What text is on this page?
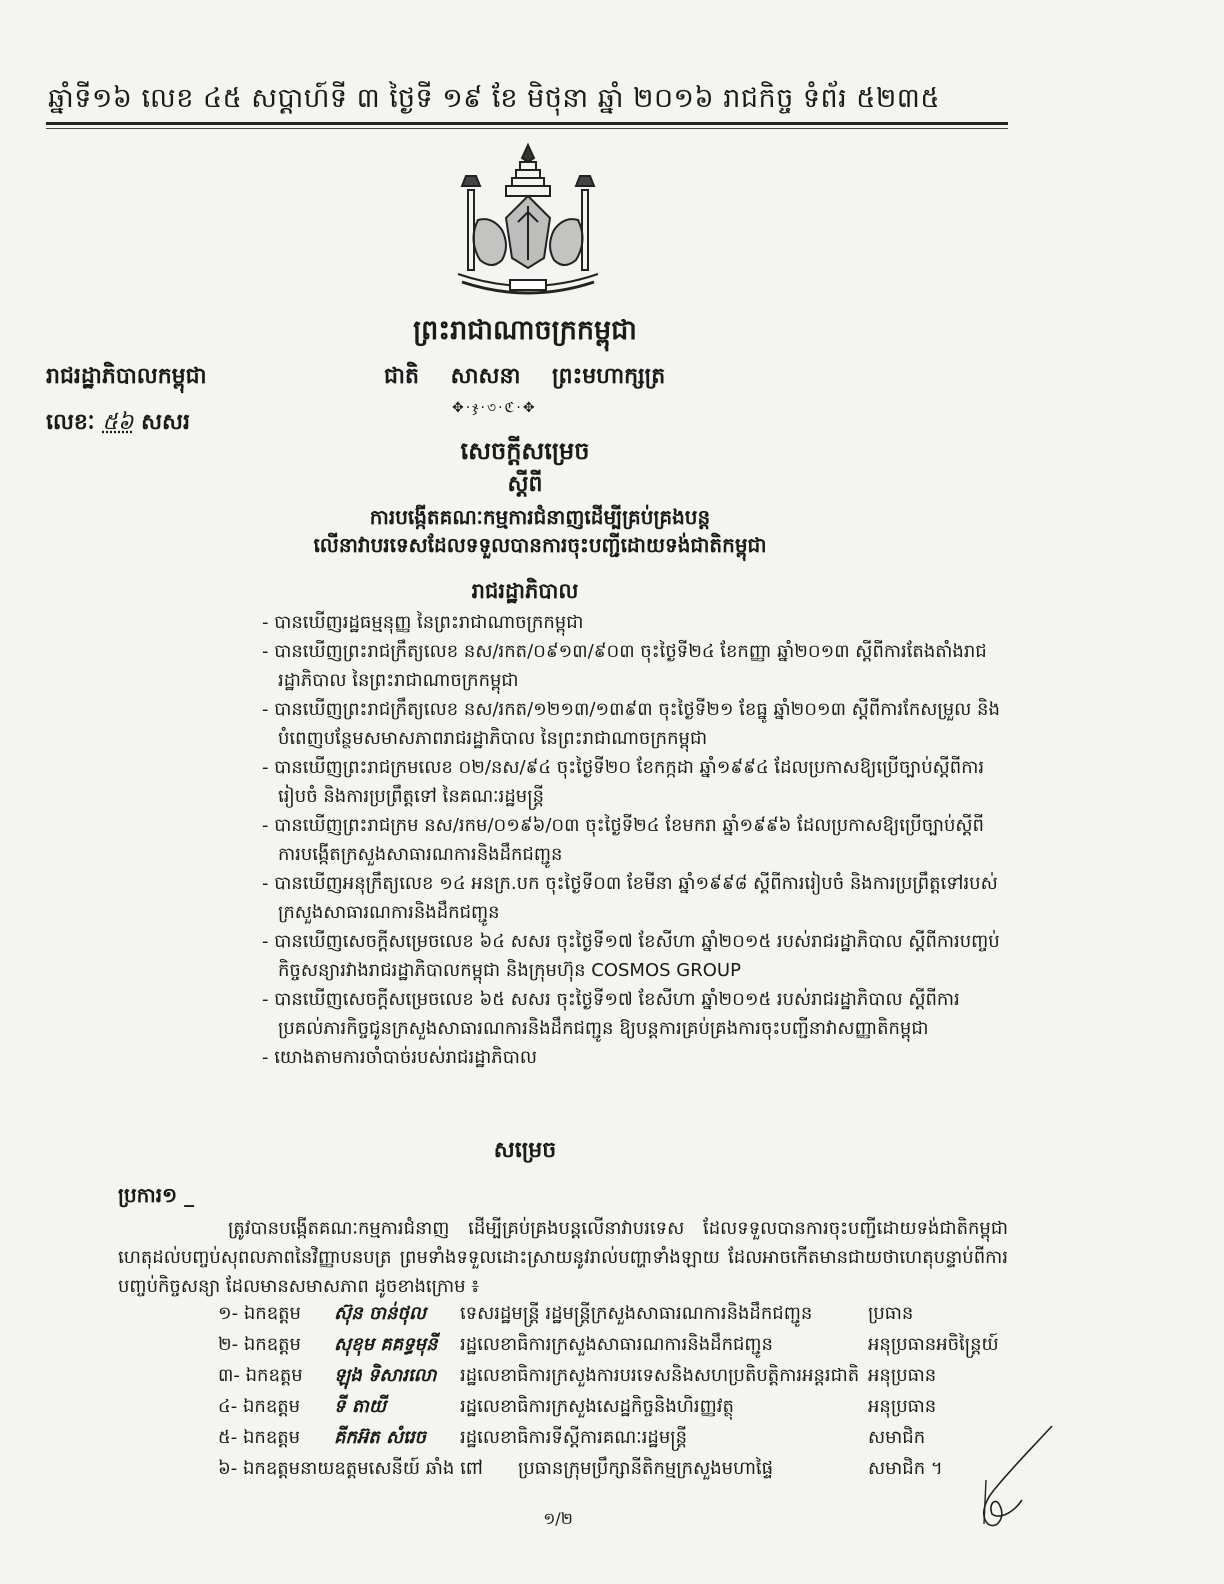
ឆ្នាំទី១៦ លេខ ៤៥ សប្តាហ៍ទី ៣ ថ្ងៃទី ១៩ ខែ មិថុនា ឆ្នាំ ២០១៦ រាជកិច្ច ទំព័រ ៥២៣៥
ព្រះរាជាណាចក្រកម្ពុជា
រាជរដ្ឋាភិបាលកម្ពុជា	ជាតិ សាសនា ព្រះមហាក្សត្រ
✥·ჯ·৩·ℭ·✥
លេខៈ ៥៦ សសរ
សេចក្តីសម្រេច
ស្តីពី
ការបង្កើតគណៈកម្មការជំនាញដើម្បីគ្រប់គ្រងបន្ត
លើនាវាបរទេសដែលទទួលបានការចុះបញ្ជីដោយទង់ជាតិកម្ពុជា
រាជរដ្ឋាភិបាល
- បានឃើញរដ្ឋធម្មនុញ្ញ នៃព្រះរាជាណាចក្រកម្ពុជា
- បានឃើញព្រះរាជក្រឹត្យលេខ នស/រកត/០៩១៣/៩០៣ ចុះថ្ងៃទី២៤ ខែកញ្ញា ឆ្នាំ២០១៣ ស្តីពីការតែងតាំងរាជរដ្ឋាភិបាល នៃព្រះរាជាណាចក្រកម្ពុជា
- បានឃើញព្រះរាជក្រឹត្យលេខ នស/រកត/១២១៣/១៣៩៣ ចុះថ្ងៃទី២១ ខែធ្នូ ឆ្នាំ២០១៣ ស្តីពីការកែសម្រួល និងបំពេញបន្ថែមសមាសភាពរាជរដ្ឋាភិបាល នៃព្រះរាជាណាចក្រកម្ពុជា
- បានឃើញព្រះរាជក្រមលេខ ០២/នស/៩៤ ចុះថ្ងៃទី២០ ខែកក្កដា ឆ្នាំ១៩៩៤ ដែលប្រកាសឱ្យប្រើច្បាប់ស្តីពីការរៀបចំ និងការប្រព្រឹត្តទៅ នៃគណៈរដ្ឋមន្ត្រី
- បានឃើញព្រះរាជក្រម នស/រកម/០១៩៦/០៣ ចុះថ្ងៃទី២៤ ខែមករា ឆ្នាំ១៩៩៦ ដែលប្រកាសឱ្យប្រើច្បាប់ស្តីពីការបង្កើតក្រសួងសាធារណការនិងដឹកជញ្ជូន
- បានឃើញអនុក្រឹត្យលេខ ១៤ អនក្រ.បក ចុះថ្ងៃទី០៣ ខែមីនា ឆ្នាំ១៩៩៨ ស្តីពីការរៀបចំ និងការប្រព្រឹត្តទៅរបស់ក្រសួងសាធារណការនិងដឹកជញ្ជូន
- បានឃើញសេចក្តីសម្រេចលេខ ៦៤ សសរ ចុះថ្ងៃទី១៧ ខែសីហា ឆ្នាំ២០១៥ របស់រាជរដ្ឋាភិបាល ស្តីពីការបញ្ចប់កិច្ចសន្យារវាងរាជរដ្ឋាភិបាលកម្ពុជា និងក្រុមហ៊ុន COSMOS GROUP
- បានឃើញសេចក្តីសម្រេចលេខ ៦៥ សសរ ចុះថ្ងៃទី១៧ ខែសីហា ឆ្នាំ២០១៥ របស់រាជរដ្ឋាភិបាល ស្តីពីការប្រគល់ភារកិច្ចជូនក្រសួងសាធារណការនិងដឹកជញ្ជូន ឱ្យបន្តការគ្រប់គ្រងការចុះបញ្ជីនាវាសញ្ញាតិកម្ពុជា
- យោងតាមការចាំបាច់របស់រាជរដ្ឋាភិបាល
សម្រេច
ប្រការ១ _
ត្រូវបានបង្កើតគណៈកម្មការជំនាញ ដើម្បីគ្រប់គ្រងបន្តលើនាវាបរទេស ដែលទទួលបានការចុះបញ្ជីដោយទង់ជាតិកម្ពុជាហេតុដល់បញ្ចប់សុពលភាពនៃវិញ្ញាបនបត្រ ព្រមទាំងទទួលដោះស្រាយនូវរាល់បញ្ហាទាំងឡាយ ដែលអាចកើតមានជាយថាហេតុបន្ទាប់ពីការបញ្ចប់កិច្ចសន្យា ដែលមានសមាសភាព ដូចខាងក្រោម ៖
១- ឯកឧត្តម ស៊ុន ចាន់ថុល ទេសរដ្ឋមន្ត្រី រដ្ឋមន្ត្រីក្រសួងសាធារណការនិងដឹកជញ្ជូន	ប្រធាន
២- ឯកឧត្តម សុខុម គគទ្ធមុនី រដ្ឋលេខាធិការក្រសួងសាធារណការនិងដឹកជញ្ជូន	អនុប្រធានអចិន្ត្រៃយ៍
៣- ឯកឧត្តម ឡុង ទិសារលោ រដ្ឋលេខាធិការក្រសួងការបរទេសនិងសហប្រតិបត្តិការអន្តរជាតិ អនុប្រធាន
៤- ឯកឧត្តម ទី តាយី	រដ្ឋលេខាធិការក្រសួងសេដ្ឋកិច្ចនិងហិរញ្ញវត្ថុ	អនុប្រធាន
៥- ឯកឧត្តម គីកអ៊ត សំរេច រដ្ឋលេខាធិការទីស្តីការគណៈរដ្ឋមន្ត្រី	សមាជិក
៦- ឯកឧត្តមនាយឧត្តមសេនីយ៍ ឆាំង ពៅ ប្រធានក្រុមប្រឹក្សានីតិកម្មក្រសួងមហាផ្ទៃ	សមាជិក ។
១/២
